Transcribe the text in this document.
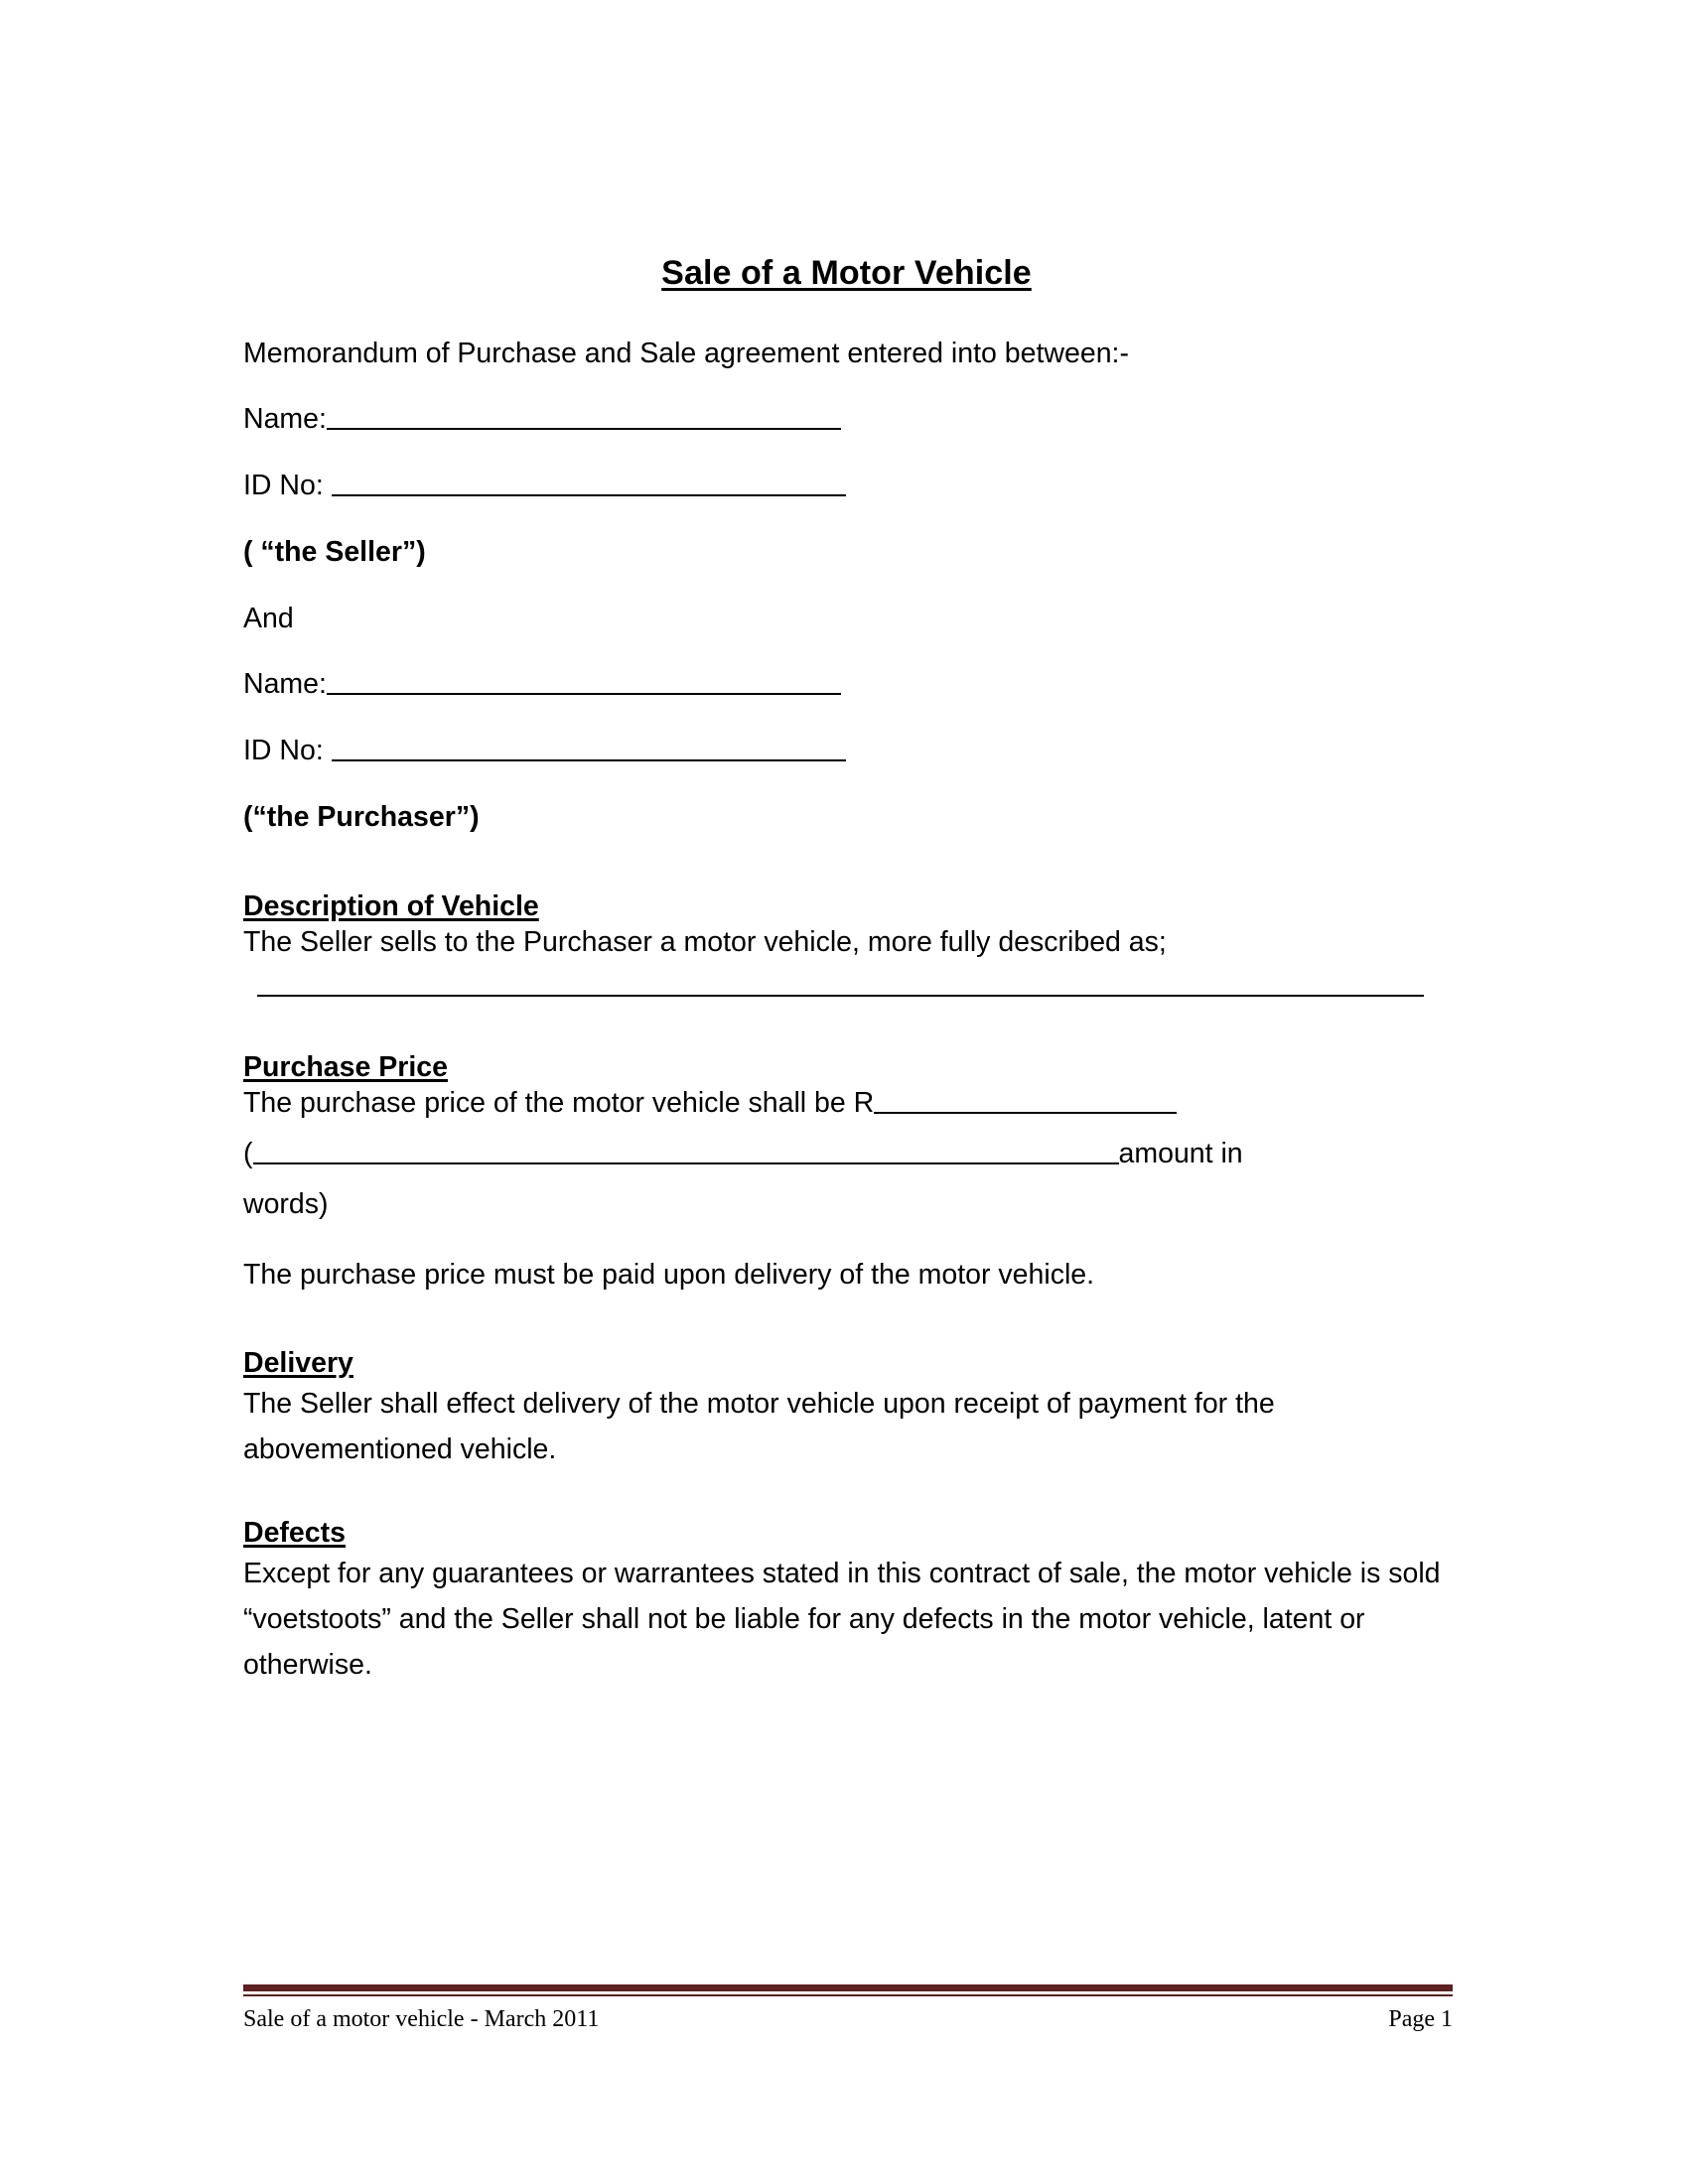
Sale of a Motor Vehicle

Memorandum of Purchase and Sale agreement entered into between:-

Name:

ID No:

( “the Seller”)

And

Name:

ID No:

(“the Purchaser”)

Description of Vehicle

The Seller sells to the Purchaser a motor vehicle, more fully described as;

Purchase Price

The purchase price of the motor vehicle shall be R

(	amount in

words)

The purchase price must be paid upon delivery of the motor vehicle.

Delivery

The Seller shall effect delivery of the motor vehicle upon receipt of payment for the abovementioned vehicle.

Defects

Except for any guarantees or warrantees stated in this contract of sale, the motor vehicle is sold “voetstoots” and the Seller shall not be liable for any defects in the motor vehicle, latent or otherwise.

Sale of a motor vehicle - March 2011	Page 1
